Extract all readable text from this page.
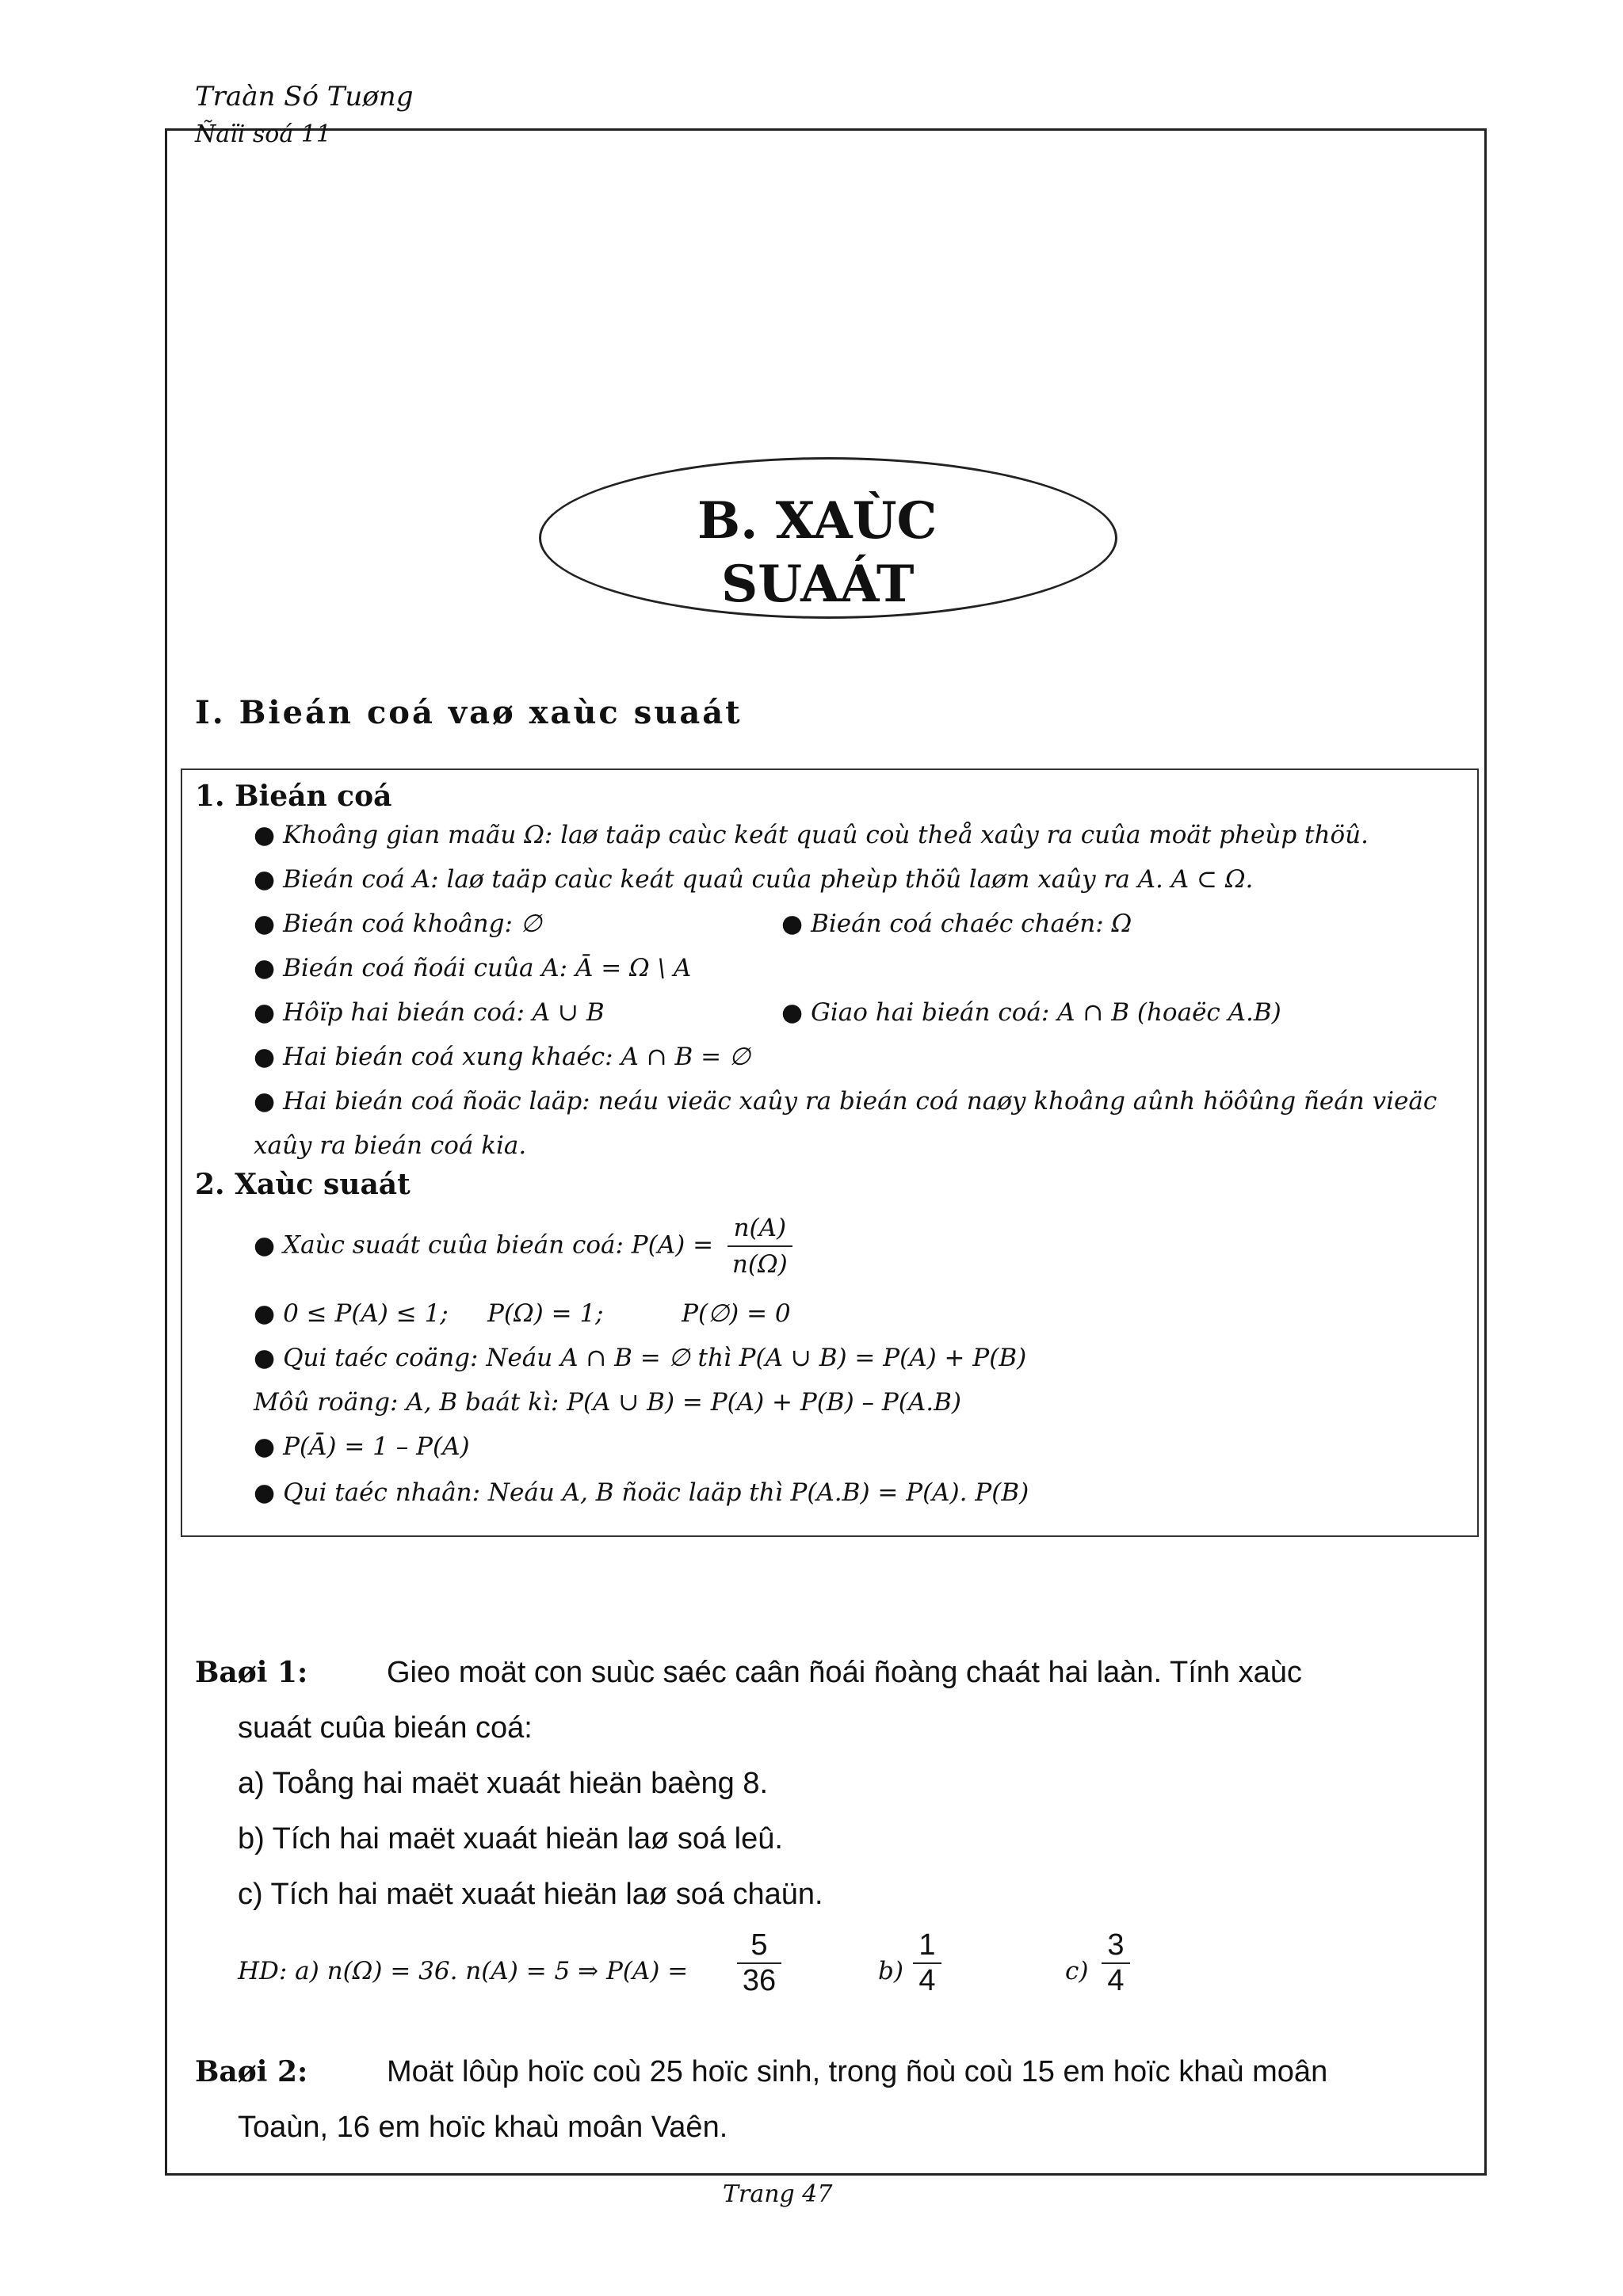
Traàn Só Tuøng
Ñaïi soá 11
B. XAÙC
SUAÁT
I. Bieán coá vaø xaùc suaát
1. Bieán coá
● Khoâng gian maãu Ω: laø taäp caùc keát quaû coù theå xaûy ra cuûa moät pheùp thöû.
● Bieán coá A: laø taäp caùc keát quaû cuûa pheùp thöû laøm xaûy ra A. A ⊂ Ω.
● Bieán coá khoâng: ∅	● Bieán coá chaéc chaén: Ω
● Bieán coá ñoái cuûa A: Ā = Ω \ A
● Hôïp hai bieán coá: A ∪ B	● Giao hai bieán coá: A ∩ B (hoaëc A.B)
● Hai bieán coá xung khaéc: A ∩ B = ∅
● Hai bieán coá ñoäc laäp: neáu vieäc xaûy ra bieán coá naøy khoâng aûnh höôûng ñeán vieäc xaûy ra bieán coá kia.
2. Xaùc suaát
● Xaùc suaát cuûa bieán coá: $P(A) = \frac{n(A)}{n(\Omega)}$
● 0 ≤ P(A) ≤ 1;     P(Ω) = 1;          P(∅) = 0
● Qui taéc coäng: Neáu A ∩ B = ∅ thì P(A ∪ B) = P(A) + P(B)
Môû roäng: A, B baát kì: P(A ∪ B) = P(A) + P(B) – P(A.B)
● P(Ā) = 1 – P(A)
● Qui taéc nhaân: Neáu A, B ñoäc laäp thì P(A.B) = P(A). P(B)
Baøi 1:	Gieo moät con suùc saéc caân ñoái ñoàng chaát hai laàn. Tính xaùc
suaát cuûa bieán coá:
a) Toång hai maët xuaát hieän baèng 8.
b) Tích hai maët xuaát hieän laø soá leû.
c) Tích hai maët xuaát hieän laø soá chaün.
HD: a) n(Ω) = 36. n(A) = 5 ⇒ $P(A) = \frac{5}{36}$	$b) \frac{1}{4}$	$c) \frac{3}{4}$
Baøi 2:	Moät lôùp hoïc coù 25 hoïc sinh, trong ñoù coù 15 em hoïc khaù moân
Toaùn, 16 em hoïc khaù moân Vaên.
Trang 47
